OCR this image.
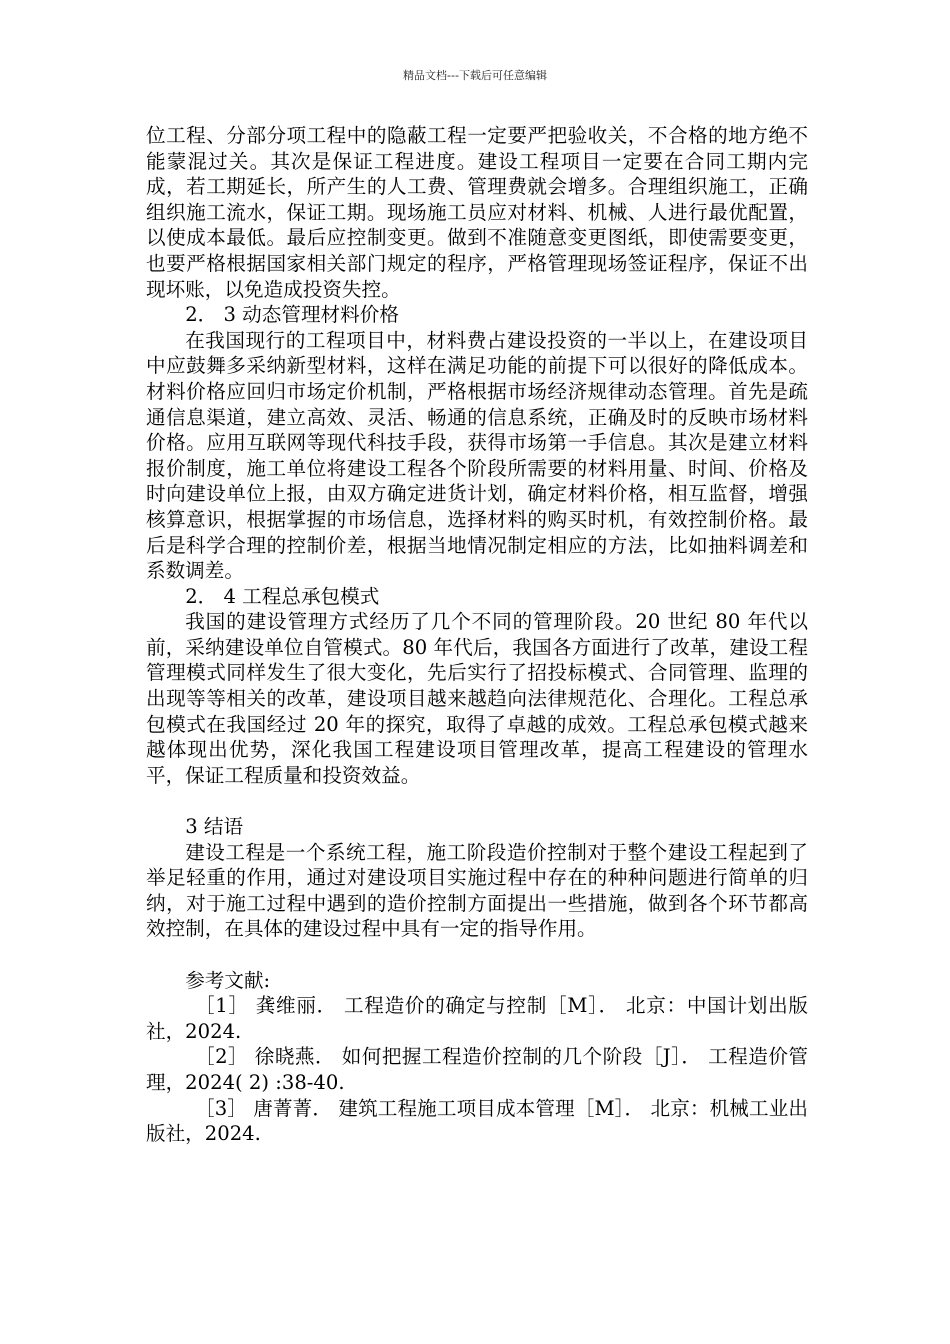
精品文档---下载后可任意编辑

位工程、分部分项工程中的隐蔽工程一定要严把验收关，不合格的地方绝不能蒙混过关。其次是保证工程进度。建设工程项目一定要在合同工期内完成，若工期延长，所产生的人工费、管理费就会增多。合理组织施工，正确组织施工流水，保证工期。现场施工员应对材料、机械、人进行最优配置，以使成本最低。最后应控制变更。做到不准随意变更图纸，即使需要变更，也要严格根据国家相关部门规定的程序，严格管理现场签证程序，保证不出现坏账，以免造成投资失控。

2． 3 动态管理材料价格

在我国现行的工程项目中，材料费占建设投资的一半以上，在建设项目中应鼓舞多采纳新型材料，这样在满足功能的前提下可以很好的降低成本。材料价格应回归市场定价机制，严格根据市场经济规律动态管理。首先是疏通信息渠道，建立高效、灵活、畅通的信息系统，正确及时的反映市场材料价格。应用互联网等现代科技手段，获得市场第一手信息。其次是建立材料报价制度，施工单位将建设工程各个阶段所需要的材料用量、时间、价格及时向建设单位上报，由双方确定进货计划，确定材料价格，相互监督，增强核算意识，根据掌握的市场信息，选择材料的购买时机，有效控制价格。最后是科学合理的控制价差，根据当地情况制定相应的方法，比如抽料调差和系数调差。

2． 4 工程总承包模式

我国的建设管理方式经历了几个不同的管理阶段。20 世纪 80 年代以前，采纳建设单位自管模式。80 年代后，我国各方面进行了改革，建设工程管理模式同样发生了很大变化，先后实行了招投标模式、合同管理、监理的出现等等相关的改革，建设项目越来越趋向法律规范化、合理化。工程总承包模式在我国经过 20 年的探究，取得了卓越的成效。工程总承包模式越来越体现出优势，深化我国工程建设项目管理改革，提高工程建设的管理水平，保证工程质量和投资效益。

3 结语

建设工程是一个系统工程，施工阶段造价控制对于整个建设工程起到了举足轻重的作用，通过对建设项目实施过程中存在的种种问题进行简单的归纳，对于施工过程中遇到的造价控制方面提出一些措施，做到各个环节都高效控制，在具体的建设过程中具有一定的指导作用。

参考文献:

［1］ 龚维丽． 工程造价的确定与控制［M］． 北京：中国计划出版社，2024.

［2］ 徐晓燕． 如何把握工程造价控制的几个阶段［J］． 工程造价管理，2024( 2) :38-40.

［3］ 唐菁菁． 建筑工程施工项目成本管理［M］． 北京：机械工业出版社，2024.
